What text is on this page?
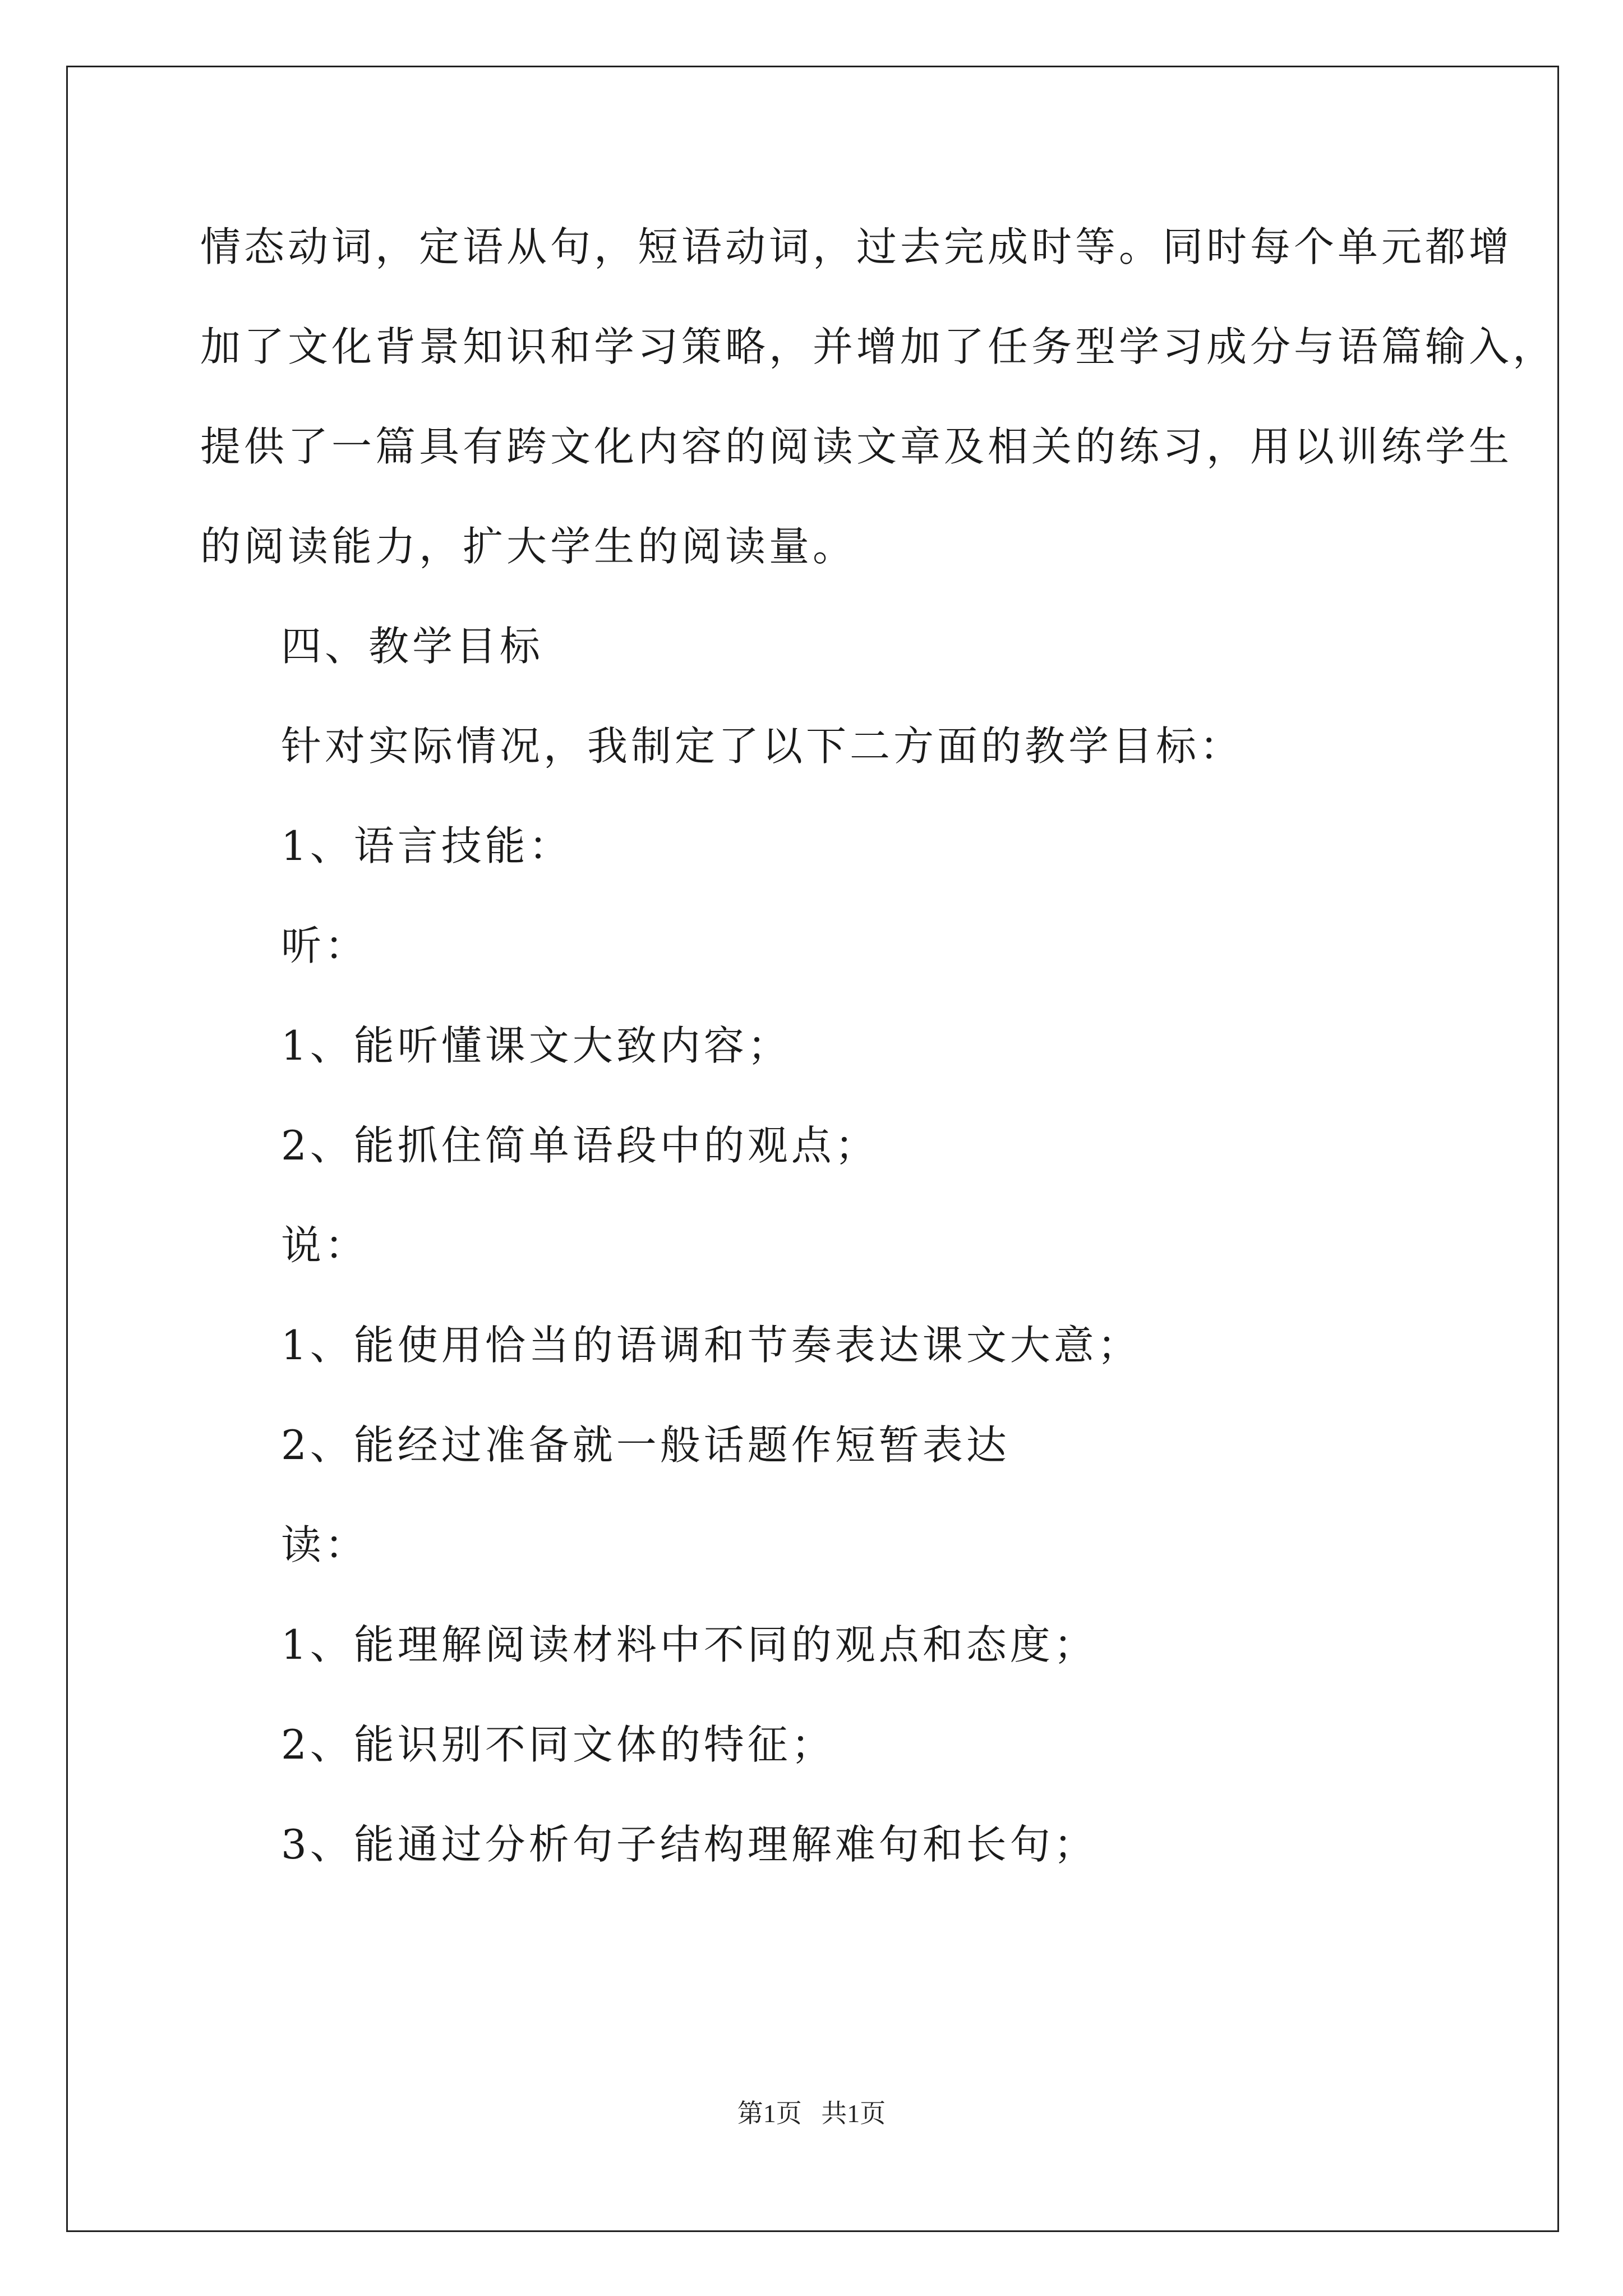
情态动词，定语从句，短语动词，过去完成时等。同时每个单元都增
加了文化背景知识和学习策略，并增加了任务型学习成分与语篇输入，
提供了一篇具有跨文化内容的阅读文章及相关的练习，用以训练学生
的阅读能力，扩大学生的阅读量。
四、教学目标
针对实际情况，我制定了以下二方面的教学目标：
1、语言技能：
听：
1、能听懂课文大致内容；
2、能抓住简单语段中的观点；
说：
1、能使用恰当的语调和节奏表达课文大意；
2、能经过准备就一般话题作短暂表达
读：
1、能理解阅读材料中不同的观点和态度；
2、能识别不同文体的特征；
3、能通过分析句子结构理解难句和长句；
第1页   共1页
